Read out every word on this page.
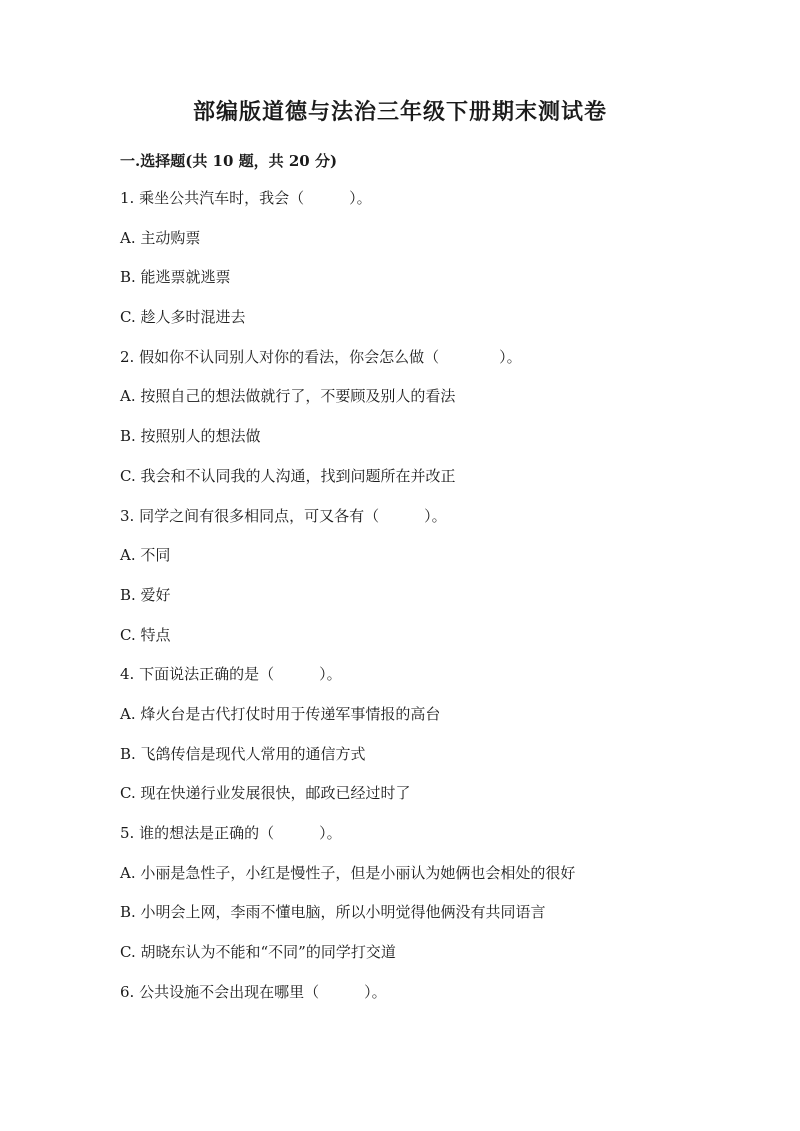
部编版道德与法治三年级下册期末测试卷
一.选择题(共 10 题，共 20 分)
1. 乘坐公共汽车时，我会（　　　）。
A. 主动购票
B. 能逃票就逃票
C. 趁人多时混进去
2. 假如你不认同别人对你的看法，你会怎么做（　　　　）。
A. 按照自己的想法做就行了，不要顾及别人的看法
B. 按照别人的想法做
C. 我会和不认同我的人沟通，找到问题所在并改正
3. 同学之间有很多相同点，可又各有（　　　）。
A. 不同
B. 爱好
C. 特点
4. 下面说法正确的是（　　　）。
A. 烽火台是古代打仗时用于传递军事情报的高台
B. 飞鸽传信是现代人常用的通信方式
C. 现在快递行业发展很快，邮政已经过时了
5. 谁的想法是正确的（　　　）。
A. 小丽是急性子，小红是慢性子，但是小丽认为她俩也会相处的很好
B. 小明会上网，李雨不懂电脑，所以小明觉得他俩没有共同语言
C. 胡晓东认为不能和“不同”的同学打交道
6. 公共设施不会出现在哪里（　　　）。
